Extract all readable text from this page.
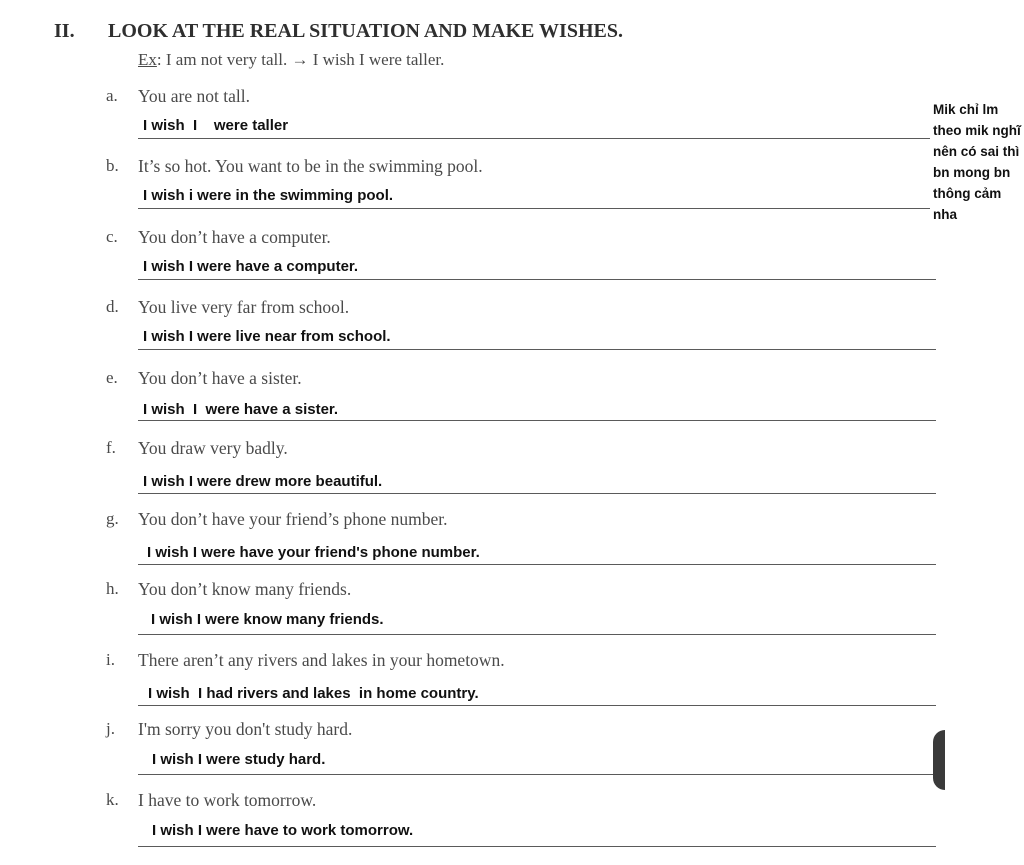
II. LOOK AT THE REAL SITUATION AND MAKE WISHES.
Ex: I am not very tall. → I wish I were taller.
a. You are not tall.
I wish  I    were taller
b. It’s so hot. You want to be in the swimming pool.
I wish i were in the swimming pool.
c. You don’t have a computer.
I wish I were have a computer.
d. You live very far from school.
I wish I were live near from school.
e. You don’t have a sister.
I wish  I  were have a sister.
f. You draw very badly.
I wish I were drew more beautiful.
g. You don’t have your friend’s phone number.
I wish I were have your friend's phone number.
h. You don’t know many friends.
I wish I were know many friends.
i. There aren’t any rivers and lakes in your hometown.
I wish  I had rivers and lakes  in home country.
j. I'm sorry you don't study hard.
I wish I were study hard.
k. I have to work tomorrow.
I wish I were have to work tomorrow.
Mik chỉ lm theo mik nghĩ nên có sai thì bn mong bn thông cảm nha
